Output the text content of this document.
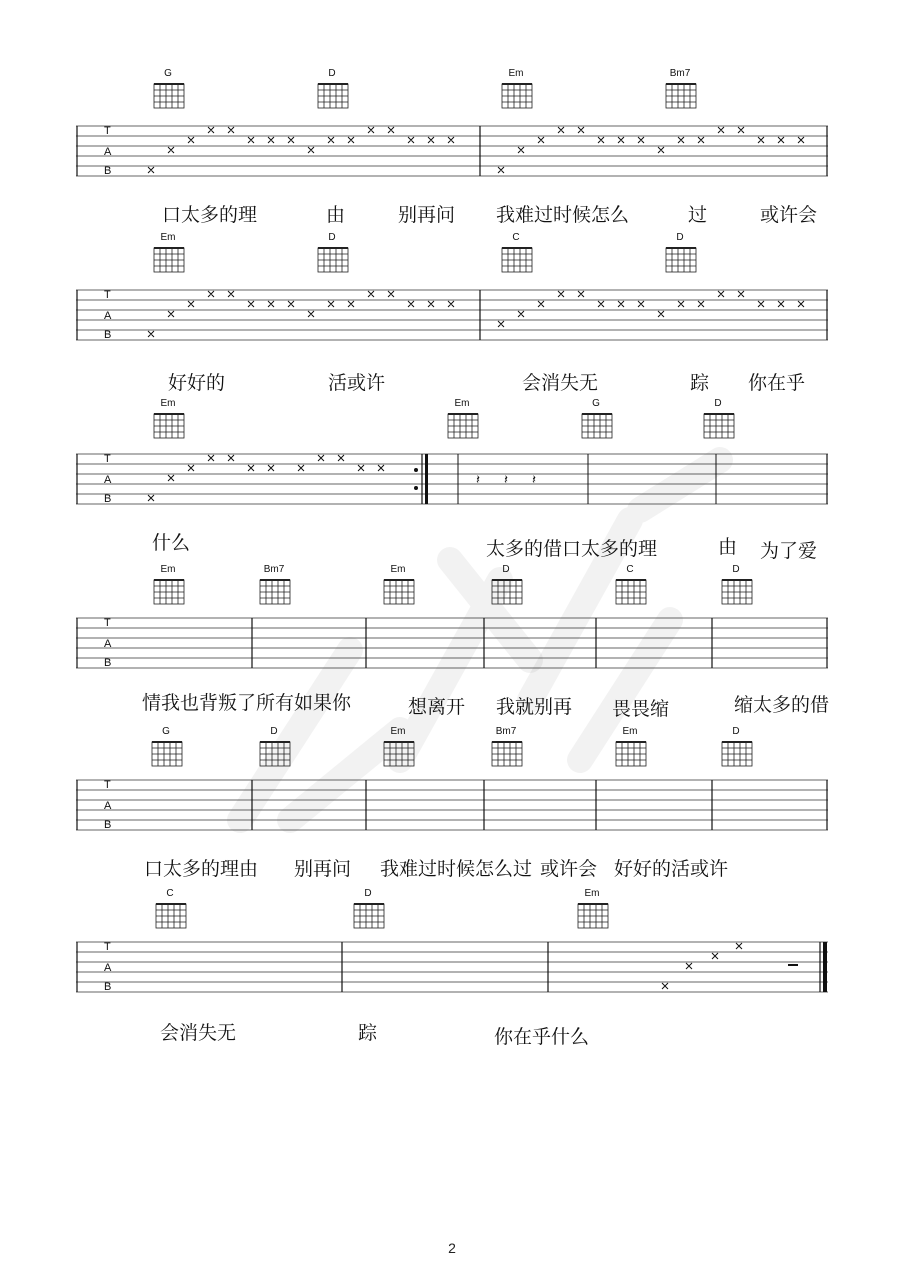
G	D	Em	Bm7
T
A
B
口太多的理	由	别再问 我难过时候怎么	过	或许会
Em	D	C	D
T
A
B
好好的	活或许	会消失无	踪 你在乎
Em	Em	G	D
T
A
B
𝄽 𝄽 𝄽
什么	太多的借口太多的理	由 为了爱
Em	Bm7	Em	D	C	D
T
A
B
情我也背叛了所有如果你	想离开 我就别再 畏畏缩	缩太多的借
G	D	Em	Bm7	Em	D
T
A
B
口太多的理由 别再问 我难过时候怎么过 或许会 好好的活或许
C	D	Em
T
A
B
会消失无	踪	你在乎什么
2
